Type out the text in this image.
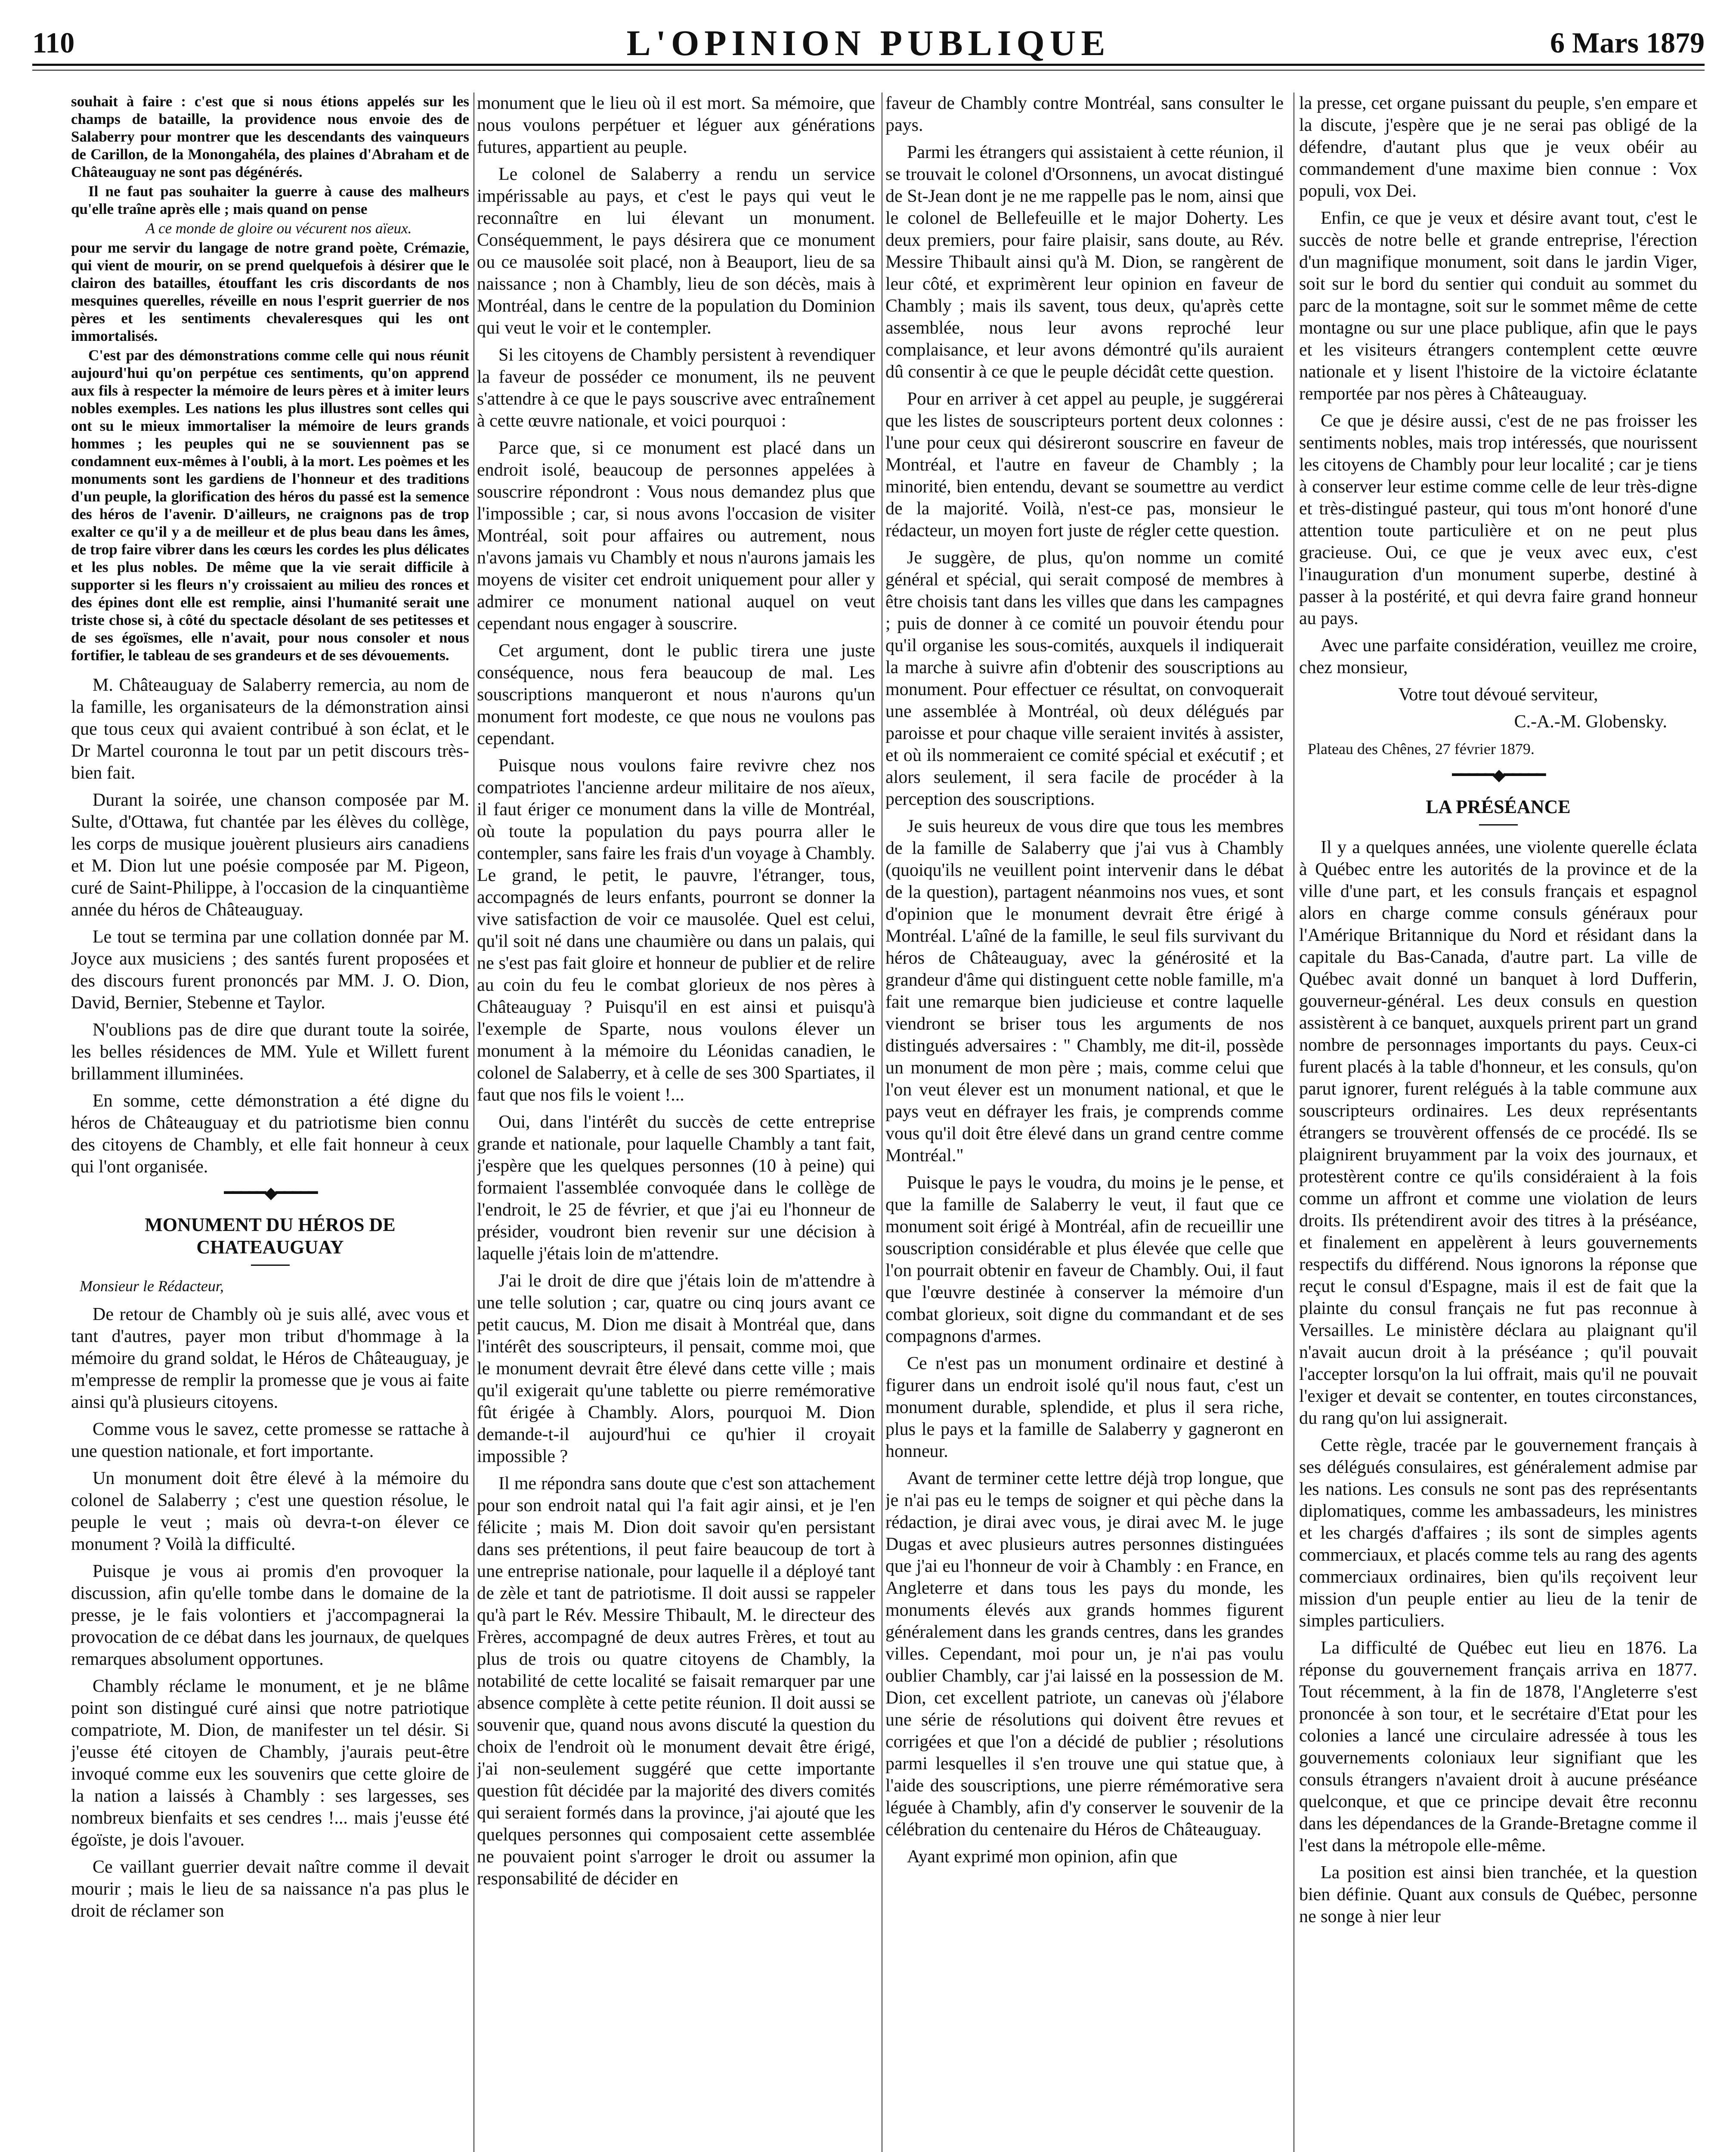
110	L'OPINION PUBLIQUE	6 Mars 1879

souhait à faire : c'est que si nous étions appelés sur les champs de bataille, la providence nous envoie des de Salaberry pour montrer que les descendants des vainqueurs de Carillon, de la Monongahéla, des plaines d'Abraham et de Châteauguay ne sont pas dégénérés.

Il ne faut pas souhaiter la guerre à cause des malheurs qu'elle traîne après elle ; mais quand on pense

A ce monde de gloire ou vécurent nos aïeux.

pour me servir du langage de notre grand poète, Crémazie, qui vient de mourir, on se prend quelquefois à désirer que le clairon des batailles, étouffant les cris discordants de nos mesquines querelles, réveille en nous l'esprit guerrier de nos pères et les sentiments chevaleresques qui les ont immortalisés.

C'est par des démonstrations comme celle qui nous réunit aujourd'hui qu'on perpétue ces sentiments, qu'on apprend aux fils à respecter la mémoire de leurs pères et à imiter leurs nobles exemples. Les nations les plus illustres sont celles qui ont su le mieux immortaliser la mémoire de leurs grands hommes ; les peuples qui ne se souviennent pas se condamnent eux-mêmes à l'oubli, à la mort. Les poèmes et les monuments sont les gardiens de l'honneur et des traditions d'un peuple, la glorification des héros du passé est la semence des héros de l'avenir. D'ailleurs, ne craignons pas de trop exalter ce qu'il y a de meilleur et de plus beau dans les âmes, de trop faire vibrer dans les cœurs les cordes les plus délicates et les plus nobles. De même que la vie serait difficile à supporter si les fleurs n'y croissaient au milieu des ronces et des épines dont elle est remplie, ainsi l'humanité serait une triste chose si, à côté du spectacle désolant de ses petitesses et de ses égoïsmes, elle n'avait, pour nous consoler et nous fortifier, le tableau de ses grandeurs et de ses dévouements.

M. Châteauguay de Salaberry remercia, au nom de la famille, les organisateurs de la démonstration ainsi que tous ceux qui avaient contribué à son éclat, et le Dr Martel couronna le tout par un petit discours très-bien fait.

Durant la soirée, une chanson composée par M. Sulte, d'Ottawa, fut chantée par les élèves du collège, les corps de musique jouèrent plusieurs airs canadiens et M. Dion lut une poésie composée par M. Pigeon, curé de Saint-Philippe, à l'occasion de la cinquantième année du héros de Châteauguay.

Le tout se termina par une collation donnée par M. Joyce aux musiciens ; des santés furent proposées et des discours furent prononcés par MM. J. O. Dion, David, Bernier, Stebenne et Taylor.

N'oublions pas de dire que durant toute la soirée, les belles résidences de MM. Yule et Willett furent brillamment illuminées.

En somme, cette démonstration a été digne du héros de Châteauguay et du patriotisme bien connu des citoyens de Chambly, et elle fait honneur à ceux qui l'ont organisée.

━━━━━◆━━━━━
MONUMENT DU HÉROS DE
CHATEAUGUAY

Monsieur le Rédacteur,

De retour de Chambly où je suis allé, avec vous et tant d'autres, payer mon tribut d'hommage à la mémoire du grand soldat, le Héros de Châteauguay, je m'empresse de remplir la promesse que je vous ai faite ainsi qu'à plusieurs citoyens.

Comme vous le savez, cette promesse se rattache à une question nationale, et fort importante.

Un monument doit être élevé à la mémoire du colonel de Salaberry ; c'est une question résolue, le peuple le veut ; mais où devra-t-on élever ce monument ? Voilà la difficulté.

Puisque je vous ai promis d'en provoquer la discussion, afin qu'elle tombe dans le domaine de la presse, je le fais volontiers et j'accompagnerai la provocation de ce débat dans les journaux, de quelques remarques absolument opportunes.

Chambly réclame le monument, et je ne blâme point son distingué curé ainsi que notre patriotique compatriote, M. Dion, de manifester un tel désir. Si j'eusse été citoyen de Chambly, j'aurais peut-être invoqué comme eux les souvenirs que cette gloire de la nation a laissés à Chambly : ses largesses, ses nombreux bienfaits et ses cendres !... mais j'eusse été égoïste, je dois l'avouer.

Ce vaillant guerrier devait naître comme il devait mourir ; mais le lieu de sa naissance n'a pas plus le droit de réclamer son

monument que le lieu où il est mort. Sa mémoire, que nous voulons perpétuer et léguer aux générations futures, appartient au peuple.

Le colonel de Salaberry a rendu un service impérissable au pays, et c'est le pays qui veut le reconnaître en lui élevant un monument. Conséquemment, le pays désirera que ce monument ou ce mausolée soit placé, non à Beauport, lieu de sa naissance ; non à Chambly, lieu de son décès, mais à Montréal, dans le centre de la population du Dominion qui veut le voir et le contempler.

Si les citoyens de Chambly persistent à revendiquer la faveur de posséder ce monument, ils ne peuvent s'attendre à ce que le pays souscrive avec entraînement à cette œuvre nationale, et voici pourquoi :

Parce que, si ce monument est placé dans un endroit isolé, beaucoup de personnes appelées à souscrire répondront : Vous nous demandez plus que l'impossible ; car, si nous avons l'occasion de visiter Montréal, soit pour affaires ou autrement, nous n'avons jamais vu Chambly et nous n'aurons jamais les moyens de visiter cet endroit uniquement pour aller y admirer ce monument national auquel on veut cependant nous engager à souscrire.

Cet argument, dont le public tirera une juste conséquence, nous fera beaucoup de mal. Les souscriptions manqueront et nous n'aurons qu'un monument fort modeste, ce que nous ne voulons pas cependant.

Puisque nous voulons faire revivre chez nos compatriotes l'ancienne ardeur militaire de nos aïeux, il faut ériger ce monument dans la ville de Montréal, où toute la population du pays pourra aller le contempler, sans faire les frais d'un voyage à Chambly. Le grand, le petit, le pauvre, l'étranger, tous, accompagnés de leurs enfants, pourront se donner la vive satisfaction de voir ce mausolée. Quel est celui, qu'il soit né dans une chaumière ou dans un palais, qui ne s'est pas fait gloire et honneur de publier et de relire au coin du feu le combat glorieux de nos pères à Châteauguay ? Puisqu'il en est ainsi et puisqu'à l'exemple de Sparte, nous voulons élever un monument à la mémoire du Léonidas canadien, le colonel de Salaberry, et à celle de ses 300 Spartiates, il faut que nos fils le voient !...

Oui, dans l'intérêt du succès de cette entreprise grande et nationale, pour laquelle Chambly a tant fait, j'espère que les quelques personnes (10 à peine) qui formaient l'assemblée convoquée dans le collège de l'endroit, le 25 de février, et que j'ai eu l'honneur de présider, voudront bien revenir sur une décision à laquelle j'étais loin de m'attendre.

J'ai le droit de dire que j'étais loin de m'attendre à une telle solution ; car, quatre ou cinq jours avant ce petit caucus, M. Dion me disait à Montréal que, dans l'intérêt des souscripteurs, il pensait, comme moi, que le monument devrait être élevé dans cette ville ; mais qu'il exigerait qu'une tablette ou pierre remémorative fût érigée à Chambly. Alors, pourquoi M. Dion demande-t-il aujourd'hui ce qu'hier il croyait impossible ?

Il me répondra sans doute que c'est son attachement pour son endroit natal qui l'a fait agir ainsi, et je l'en félicite ; mais M. Dion doit savoir qu'en persistant dans ses prétentions, il peut faire beaucoup de tort à une entreprise nationale, pour laquelle il a déployé tant de zèle et tant de patriotisme. Il doit aussi se rappeler qu'à part le Rév. Messire Thibault, M. le directeur des Frères, accompagné de deux autres Frères, et tout au plus de trois ou quatre citoyens de Chambly, la notabilité de cette localité se faisait remarquer par une absence complète à cette petite réunion. Il doit aussi se souvenir que, quand nous avons discuté la question du choix de l'endroit où le monument devait être érigé, j'ai non-seulement suggéré que cette importante question fût décidée par la majorité des divers comités qui seraient formés dans la province, j'ai ajouté que les quelques personnes qui composaient cette assemblée ne pouvaient point s'arroger le droit ou assumer la responsabilité de décider en

faveur de Chambly contre Montréal, sans consulter le pays.

Parmi les étrangers qui assistaient à cette réunion, il se trouvait le colonel d'Orsonnens, un avocat distingué de St-Jean dont je ne me rappelle pas le nom, ainsi que le colonel de Bellefeuille et le major Doherty. Les deux premiers, pour faire plaisir, sans doute, au Rév. Messire Thibault ainsi qu'à M. Dion, se rangèrent de leur côté, et exprimèrent leur opinion en faveur de Chambly ; mais ils savent, tous deux, qu'après cette assemblée, nous leur avons reproché leur complaisance, et leur avons démontré qu'ils auraient dû consentir à ce que le peuple décidât cette question.

Pour en arriver à cet appel au peuple, je suggérerai que les listes de souscripteurs portent deux colonnes : l'une pour ceux qui désireront souscrire en faveur de Montréal, et l'autre en faveur de Chambly ; la minorité, bien entendu, devant se soumettre au verdict de la majorité. Voilà, n'est-ce pas, monsieur le rédacteur, un moyen fort juste de régler cette question.

Je suggère, de plus, qu'on nomme un comité général et spécial, qui serait composé de membres à être choisis tant dans les villes que dans les campagnes ; puis de donner à ce comité un pouvoir étendu pour qu'il organise les sous-comités, auxquels il indiquerait la marche à suivre afin d'obtenir des souscriptions au monument. Pour effectuer ce résultat, on convoquerait une assemblée à Montréal, où deux délégués par paroisse et pour chaque ville seraient invités à assister, et où ils nommeraient ce comité spécial et exécutif ; et alors seulement, il sera facile de procéder à la perception des souscriptions.

Je suis heureux de vous dire que tous les membres de la famille de Salaberry que j'ai vus à Chambly (quoiqu'ils ne veuillent point intervenir dans le débat de la question), partagent néanmoins nos vues, et sont d'opinion que le monument devrait être érigé à Montréal. L'aîné de la famille, le seul fils survivant du héros de Châteauguay, avec la générosité et la grandeur d'âme qui distinguent cette noble famille, m'a fait une remarque bien judicieuse et contre laquelle viendront se briser tous les arguments de nos distingués adversaires : " Chambly, me dit-il, possède un monument de mon père ; mais, comme celui que l'on veut élever est un monument national, et que le pays veut en défrayer les frais, je comprends comme vous qu'il doit être élevé dans un grand centre comme Montréal."

Puisque le pays le voudra, du moins je le pense, et que la famille de Salaberry le veut, il faut que ce monument soit érigé à Montréal, afin de recueillir une souscription considérable et plus élevée que celle que l'on pourrait obtenir en faveur de Chambly. Oui, il faut que l'œuvre destinée à conserver la mémoire d'un combat glorieux, soit digne du commandant et de ses compagnons d'armes.

Ce n'est pas un monument ordinaire et destiné à figurer dans un endroit isolé qu'il nous faut, c'est un monument durable, splendide, et plus il sera riche, plus le pays et la famille de Salaberry y gagneront en honneur.

Avant de terminer cette lettre déjà trop longue, que je n'ai pas eu le temps de soigner et qui pèche dans la rédaction, je dirai avec vous, je dirai avec M. le juge Dugas et avec plusieurs autres personnes distinguées que j'ai eu l'honneur de voir à Chambly : en France, en Angleterre et dans tous les pays du monde, les monuments élevés aux grands hommes figurent généralement dans les grands centres, dans les grandes villes. Cependant, moi pour un, je n'ai pas voulu oublier Chambly, car j'ai laissé en la possession de M. Dion, cet excellent patriote, un canevas où j'élabore une série de résolutions qui doivent être revues et corrigées et que l'on a décidé de publier ; résolutions parmi lesquelles il s'en trouve une qui statue que, à l'aide des souscriptions, une pierre rémémorative sera léguée à Chambly, afin d'y conserver le souvenir de la célébration du centenaire du Héros de Châteauguay.

Ayant exprimé mon opinion, afin que

la presse, cet organe puissant du peuple, s'en empare et la discute, j'espère que je ne serai pas obligé de la défendre, d'autant plus que je veux obéir au commandement d'une maxime bien connue : Vox populi, vox Dei.

Enfin, ce que je veux et désire avant tout, c'est le succès de notre belle et grande entreprise, l'érection d'un magnifique monument, soit dans le jardin Viger, soit sur le bord du sentier qui conduit au sommet du parc de la montagne, soit sur le sommet même de cette montagne ou sur une place publique, afin que le pays et les visiteurs étrangers contemplent cette œuvre nationale et y lisent l'histoire de la victoire éclatante remportée par nos pères à Châteauguay.

Ce que je désire aussi, c'est de ne pas froisser les sentiments nobles, mais trop intéressés, que nourissent les citoyens de Chambly pour leur localité ; car je tiens à conserver leur estime comme celle de leur très-digne et très-distingué pasteur, qui tous m'ont honoré d'une attention toute particulière et on ne peut plus gracieuse. Oui, ce que je veux avec eux, c'est l'inauguration d'un monument superbe, destiné à passer à la postérité, et qui devra faire grand honneur au pays.

Avec une parfaite considération, veuillez me croire, chez monsieur,

Votre tout dévoué serviteur,

C.-A.-M. Globensky.

Plateau des Chênes, 27 février 1879.

━━━━━◆━━━━━
LA PRÉSÉANCE

Il y a quelques années, une violente querelle éclata à Québec entre les autorités de la province et de la ville d'une part, et les consuls français et espagnol alors en charge comme consuls généraux pour l'Amérique Britannique du Nord et résidant dans la capitale du Bas-Canada, d'autre part. La ville de Québec avait donné un banquet à lord Dufferin, gouverneur-général. Les deux consuls en question assistèrent à ce banquet, auxquels prirent part un grand nombre de personnages importants du pays. Ceux-ci furent placés à la table d'honneur, et les consuls, qu'on parut ignorer, furent relégués à la table commune aux souscripteurs ordinaires. Les deux représentants étrangers se trouvèrent offensés de ce procédé. Ils se plaignirent bruyamment par la voix des journaux, et protestèrent contre ce qu'ils considéraient à la fois comme un affront et comme une violation de leurs droits. Ils prétendirent avoir des titres à la préséance, et finalement en appelèrent à leurs gouvernements respectifs du différend. Nous ignorons la réponse que reçut le consul d'Espagne, mais il est de fait que la plainte du consul français ne fut pas reconnue à Versailles. Le ministère déclara au plaignant qu'il n'avait aucun droit à la préséance ; qu'il pouvait l'accepter lorsqu'on la lui offrait, mais qu'il ne pouvait l'exiger et devait se contenter, en toutes circonstances, du rang qu'on lui assignerait.

Cette règle, tracée par le gouvernement français à ses délégués consulaires, est généralement admise par les nations. Les consuls ne sont pas des représentants diplomatiques, comme les ambassadeurs, les ministres et les chargés d'affaires ; ils sont de simples agents commerciaux, et placés comme tels au rang des agents commerciaux ordinaires, bien qu'ils reçoivent leur mission d'un peuple entier au lieu de la tenir de simples particuliers.

La difficulté de Québec eut lieu en 1876. La réponse du gouvernement français arriva en 1877. Tout récemment, à la fin de 1878, l'Angleterre s'est prononcée à son tour, et le secrétaire d'Etat pour les colonies a lancé une circulaire adressée à tous les gouvernements coloniaux leur signifiant que les consuls étrangers n'avaient droit à aucune préséance quelconque, et que ce principe devait être reconnu dans les dépendances de la Grande-Bretagne comme il l'est dans la métropole elle-même.

La position est ainsi bien tranchée, et la question bien définie. Quant aux consuls de Québec, personne ne songe à nier leur
